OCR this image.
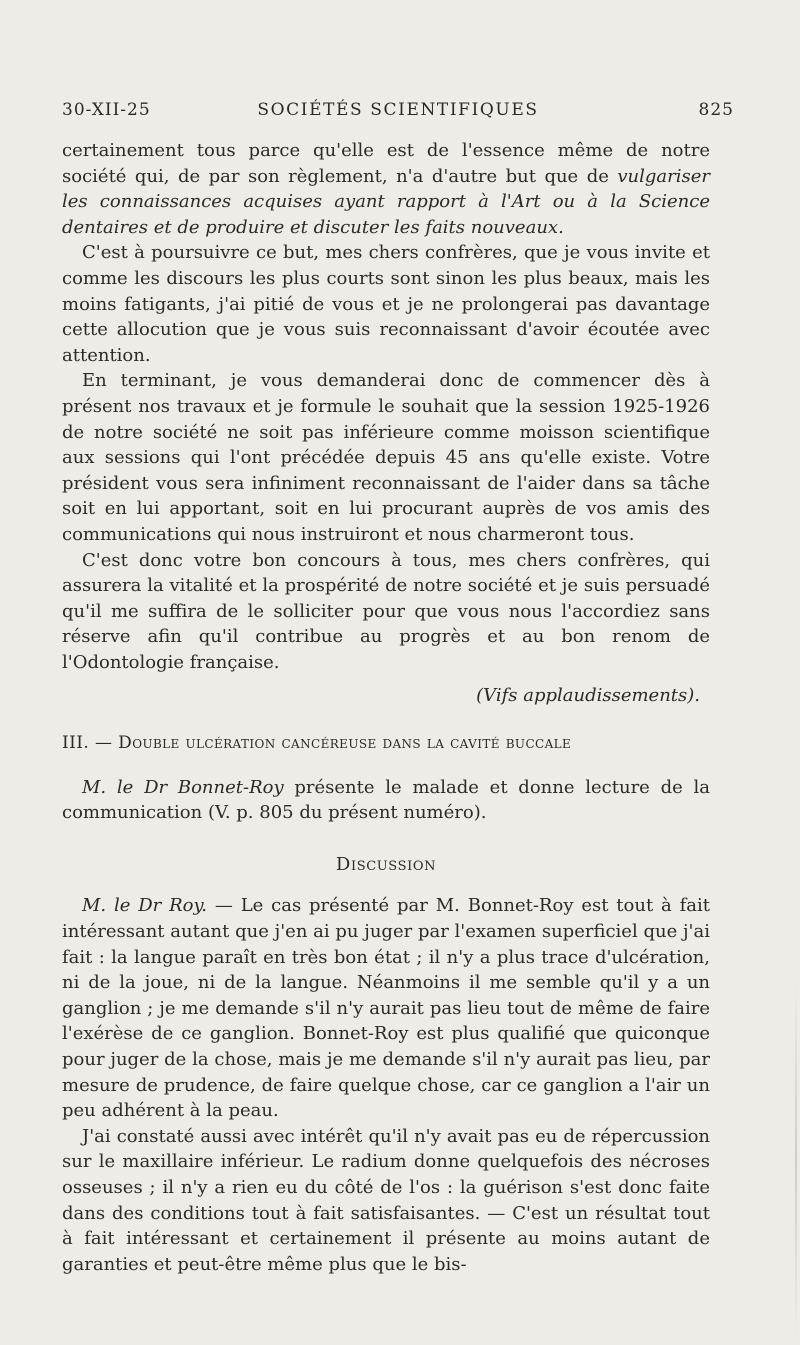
30-XII-25	SOCIÉTÉS SCIENTIFIQUES	825

certainement tous parce qu'elle est de l'essence même de notre société qui, de par son règlement, n'a d'autre but que de vulgariser les connaissances acquises ayant rapport à l'Art ou à la Science dentaires et de produire et discuter les faits nouveaux.

C'est à poursuivre ce but, mes chers confrères, que je vous invite et comme les discours les plus courts sont sinon les plus beaux, mais les moins fatigants, j'ai pitié de vous et je ne prolongerai pas davantage cette allocution que je vous suis reconnaissant d'avoir écoutée avec attention.

En terminant, je vous demanderai donc de commencer dès à présent nos travaux et je formule le souhait que la session 1925-1926 de notre société ne soit pas inférieure comme moisson scientifique aux sessions qui l'ont précédée depuis 45 ans qu'elle existe. Votre président vous sera infiniment reconnaissant de l'aider dans sa tâche soit en lui apportant, soit en lui procurant auprès de vos amis des communications qui nous instruiront et nous charmeront tous.

C'est donc votre bon concours à tous, mes chers confrères, qui assurera la vitalité et la prospérité de notre société et je suis persuadé qu'il me suffira de le solliciter pour que vous nous l'accordiez sans réserve afin qu'il contribue au progrès et au bon renom de l'Odontologie française.

(Vifs applaudissements).

III. — Double ulcération cancéreuse dans la cavité buccale

M. le Dr Bonnet-Roy présente le malade et donne lecture de la communication (V. p. 805 du présent numéro).

Discussion

M. le Dr Roy. — Le cas présenté par M. Bonnet-Roy est tout à fait intéressant autant que j'en ai pu juger par l'examen superficiel que j'ai fait : la langue paraît en très bon état ; il n'y a plus trace d'ulcération, ni de la joue, ni de la langue. Néanmoins il me semble qu'il y a un ganglion ; je me demande s'il n'y aurait pas lieu tout de même de faire l'exérèse de ce ganglion. Bonnet-Roy est plus qualifié que quiconque pour juger de la chose, mais je me demande s'il n'y aurait pas lieu, par mesure de prudence, de faire quelque chose, car ce ganglion a l'air un peu adhérent à la peau.

J'ai constaté aussi avec intérêt qu'il n'y avait pas eu de répercussion sur le maxillaire inférieur. Le radium donne quelquefois des nécroses osseuses ; il n'y a rien eu du côté de l'os : la guérison s'est donc faite dans des conditions tout à fait satisfaisantes. — C'est un résultat tout à fait intéressant et certainement il présente au moins autant de garanties et peut-être même plus que le bis-
